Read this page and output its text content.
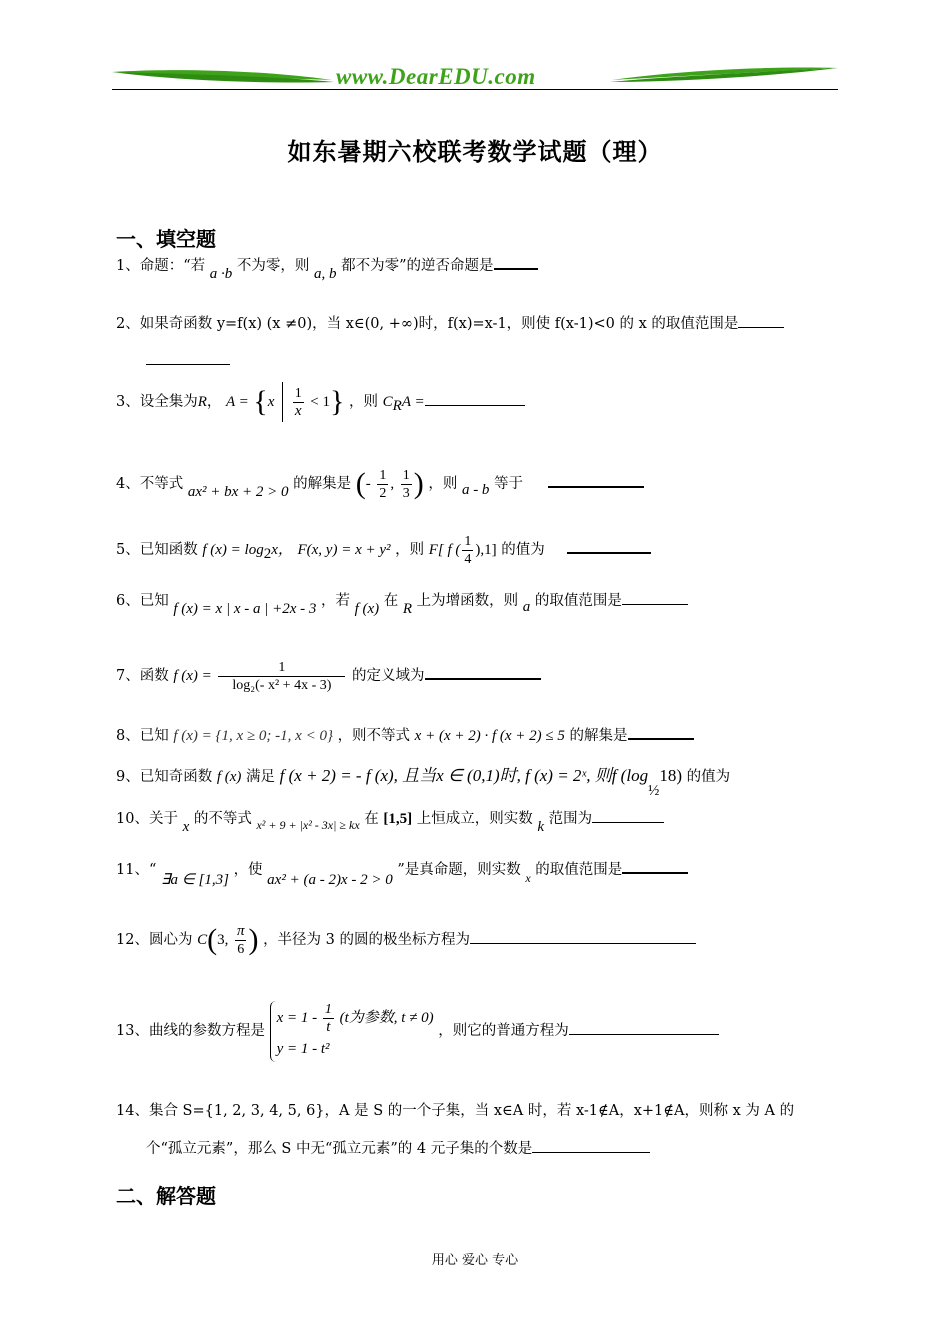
www.DearEDU.com
如东暑期六校联考数学试题（理）
一、填空题
1、命题：“若 a ·b 不为零，则 a, b 都不为零”的逆否命题是
2、如果奇函数 y=f(x) (x ≠0)，当 x∈(0, +∞)时，f(x)=x-1，则使 f(x-1)<0 的 x 的取值范围是
3、设全集为R， $A = \{x \frac{1}{x} < 1\}$ ，则 $C_RA$ =
4、不等式 ax² + bx + 2 > 0 的解集是 (- $\frac{1}{2}$ , $\frac{1}{3}$ ) ，则 a - b 等于
5、已知函数 f $(x) = \log_2x$， F(x, y) = x + y² ，则 F[ f ( $\frac{1}{4} ),1$] 的值为
6、已知 f (x) = x | x - a | +2x - 3 ，若 f (x) 在 R 上为增函数，则 a 的取值范围是
7、函数 f $(x) = \frac{1}{\text{log₂(- x² + 4x - 3)}}$ 的定义域为
8、已知 f (x) = {1, x ≥ 0; -1, x < 0} ，则不等式 x + (x + 2) · f (x + 2) ≤ 5 的解集是
9、已知奇函数 f (x) 满足 f (x + 2) = - f (x), 且当x ∈ (0,1)时, f (x) = 2ˣ, 则f $(\log_{\frac{1}{2}}18)$ 的值为
10、关于 x 的不等式 $_{x^2 + 9 + |x^2 - 3x| \ge kx}$ 在 [1,5] 上恒成立，则实数 k 范围为
11、“ ∃a ∈ [1,3] ，使 ax² + (a - 2)x - 2 > 0 ”是真命题，则实数 $_x$ 的取值范围是
12、圆心为 C(3, $\frac{\pi}{6}$ ) ，半径为 3 的圆的极坐标方程为
13、曲线的参数方程是
$x = 1 - \frac{1}{t} (t$为参数, t ≠ 0)
y = 1 - t²
，则它的普通方程为
14、集合 S={1, 2, 3, 4, 5, 6}，A 是 S 的一个子集，当 x∈A 时，若 x-1∉A，x+1∉A，则称 x 为 A 的
个“孤立元素”，那么 S 中无“孤立元素”的 4 元子集的个数是
二、解答题
用心 爱心 专心
